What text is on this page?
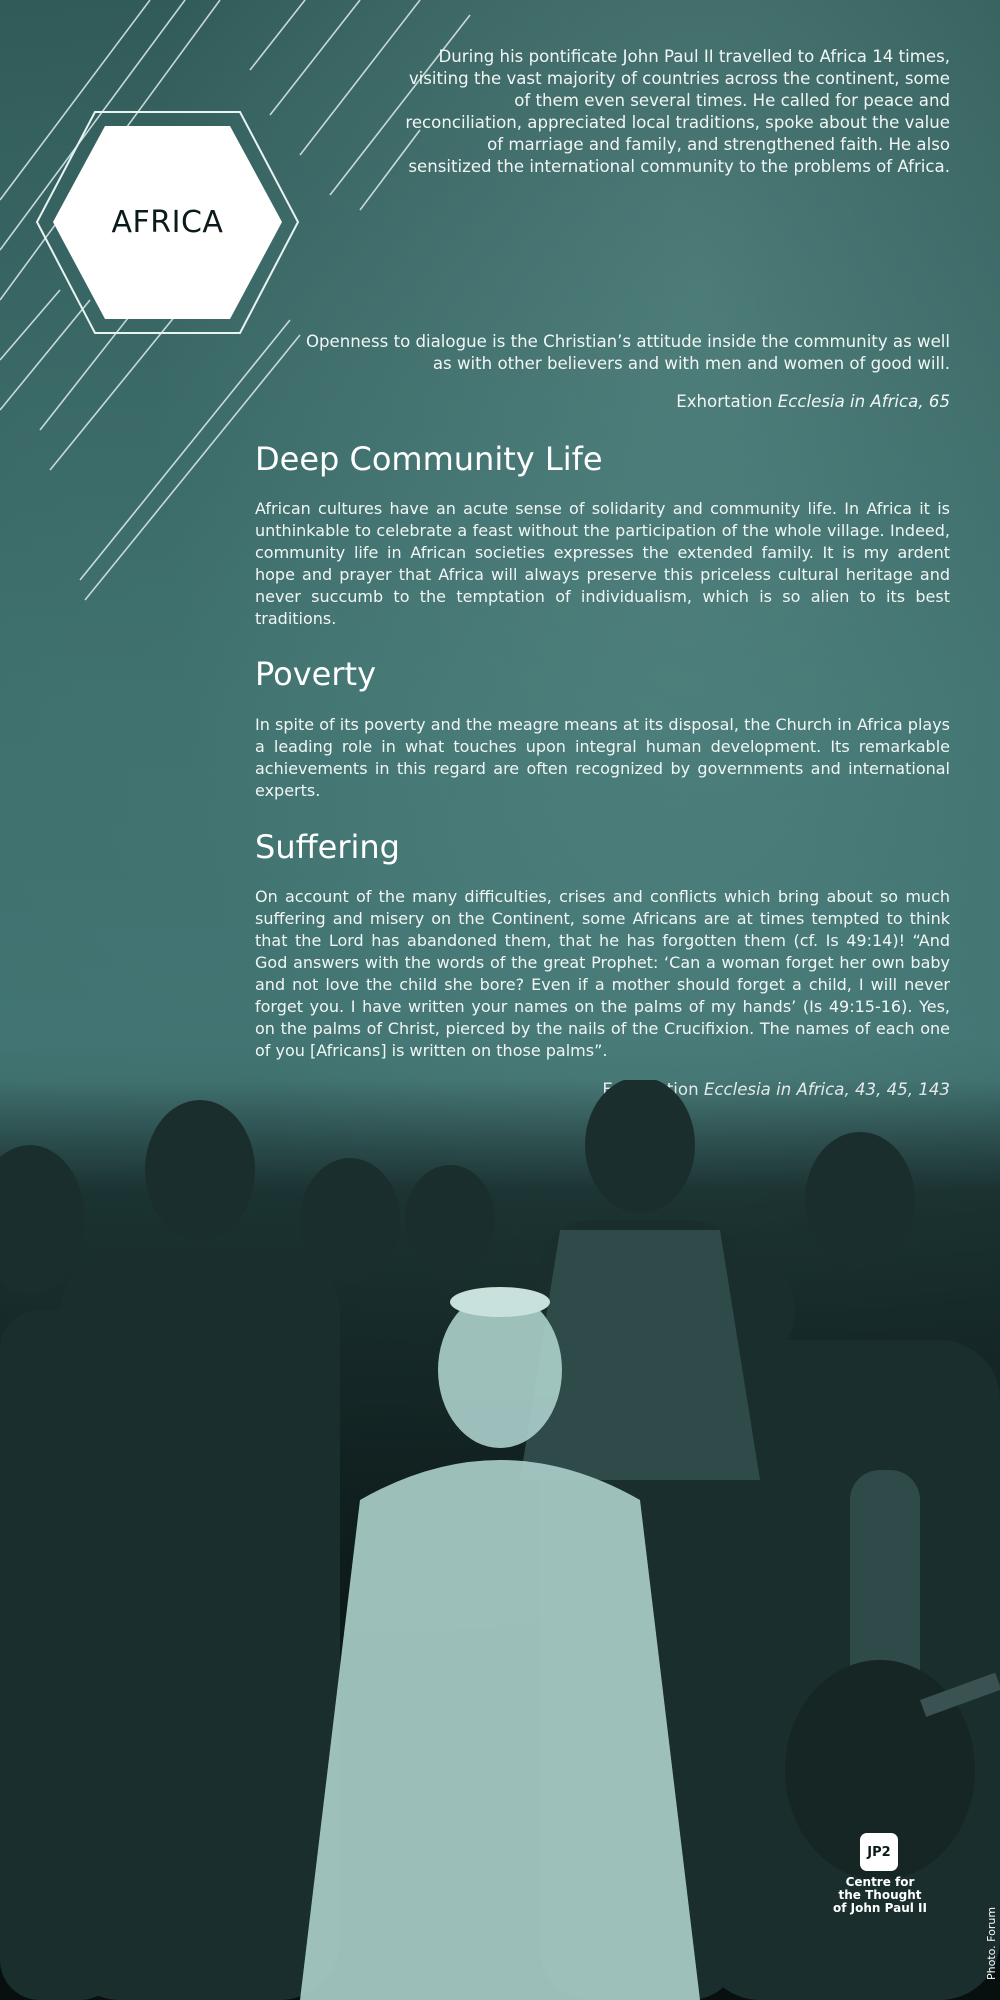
AFRICA
During his pontificate John Paul II travelled to Africa 14 times, visiting the vast majority of countries across the continent, some of them even several times. He called for peace and reconciliation, appreciated local traditions, spoke about the value of marriage and family, and strengthened faith. He also sensitized the international community to the problems of Africa.
Openness to dialogue is the Christian’s attitude inside the community as well as with other believers and with men and women of good will.
Exhortation Ecclesia in Africa, 65
Deep Community Life

African cultures have an acute sense of solidarity and community life. In Africa it is unthinkable to celebrate a feast without the participation of the whole village. Indeed, community life in African societies expresses the extended family. It is my ardent hope and prayer that Africa will always preserve this priceless cultural heritage and never succumb to the temptation of individualism, which is so alien to its best traditions.

Poverty

In spite of its poverty and the meagre means at its disposal, the Church in Africa plays a leading role in what touches upon integral human development. Its remarkable achievements in this regard are often recognized by governments and international experts.

Suffering

On account of the many difficulties, crises and conflicts which bring about so much suffering and misery on the Continent, some Africans are at times tempted to think that the Lord has abandoned them, that he has forgotten them (cf. Is 49:14)! “And God answers with the words of the great Prophet: ‘Can a woman forget her own baby and not love the child she bore? Even if a mother should forget a child, I will never forget you. I have written your names on the palms of my hands’ (Is 49:15-16). Yes, on the palms of Christ, pierced by the nails of the Crucifixion. The names of each one of you [Africans] is written on those palms”.

JP2
Centre for
the Thought
of John Paul II	Photo. Forum
